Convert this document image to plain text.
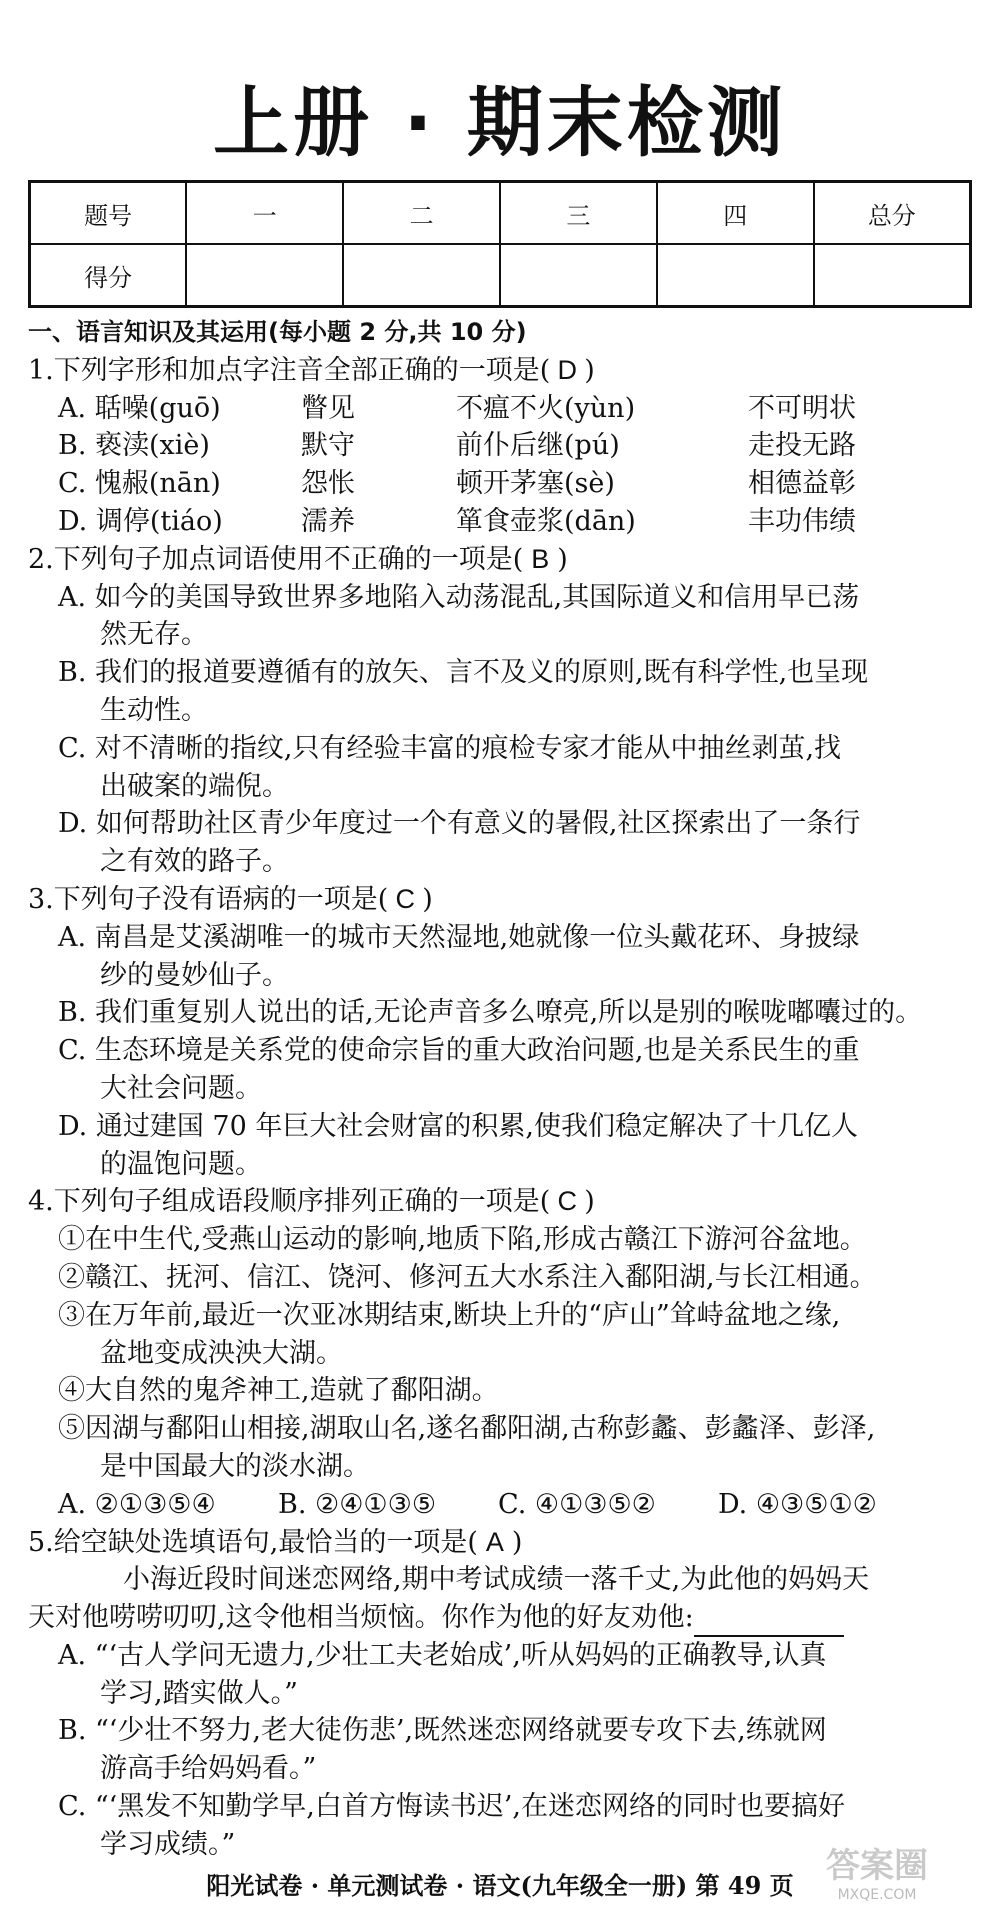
上册 · 期末检测
题号	一	二	三	四	总分
得分					
一、语言知识及其运用(每小题 2 分,共 10 分)
1.下列字形和加点字注音全部正确的一项是( D )
A. 聒噪(guō)	瞥见	不瘟不火(yùn)	不可明状
B. 亵渎(xiè)	默守	前仆后继(pú)	走投无路
C. 愧赧(nān)	怨怅	顿开茅塞(sè)	相德益彰
D. 调停(tiáo)	濡养	箪食壶浆(dān)	丰功伟绩
2.下列句子加点词语使用不正确的一项是( B )
A. 如今的美国导致世界多地陷入动荡混乱,其国际道义和信用早已荡
然无存。
B. 我们的报道要遵循有的放矢、言不及义的原则,既有科学性,也呈现
生动性。
C. 对不清晰的指纹,只有经验丰富的痕检专家才能从中抽丝剥茧,找
出破案的端倪。
D. 如何帮助社区青少年度过一个有意义的暑假,社区探索出了一条行
之有效的路子。
3.下列句子没有语病的一项是( C )
A. 南昌是艾溪湖唯一的城市天然湿地,她就像一位头戴花环、身披绿
纱的曼妙仙子。
B. 我们重复别人说出的话,无论声音多么嘹亮,所以是别的喉咙嘟囔过的。
C. 生态环境是关系党的使命宗旨的重大政治问题,也是关系民生的重
大社会问题。
D. 通过建国 70 年巨大社会财富的积累,使我们稳定解决了十几亿人
的温饱问题。
4.下列句子组成语段顺序排列正确的一项是( C )
①在中生代,受燕山运动的影响,地质下陷,形成古赣江下游河谷盆地。
②赣江、抚河、信江、饶河、修河五大水系注入鄱阳湖,与长江相通。
③在万年前,最近一次亚冰期结束,断块上升的“庐山”耸峙盆地之缘,
盆地变成泱泱大湖。
④大自然的鬼斧神工,造就了鄱阳湖。
⑤因湖与鄱阳山相接,湖取山名,遂名鄱阳湖,古称彭蠡、彭蠡泽、彭泽,
是中国最大的淡水湖。
A. ②①③⑤④ B. ②④①③⑤ C. ④①③⑤② D. ④③⑤①②
5.给空缺处选填语句,最恰当的一项是( A )
小海近段时间迷恋网络,期中考试成绩一落千丈,为此他的妈妈天
天对他唠唠叨叨,这令他相当烦恼。你作为他的好友劝他:
A. “‘古人学问无遗力,少壮工夫老始成’,听从妈妈的正确教导,认真
学习,踏实做人。”
B. “‘少壮不努力,老大徒伤悲’,既然迷恋网络就要专攻下去,练就网
游高手给妈妈看。”
C. “‘黑发不知勤学早,白首方悔读书迟’,在迷恋网络的同时也要搞好
学习成绩。”
阳光试卷 · 单元测试卷 · 语文(九年级全一册) 第 49 页 答案圈
MXQE.COM
